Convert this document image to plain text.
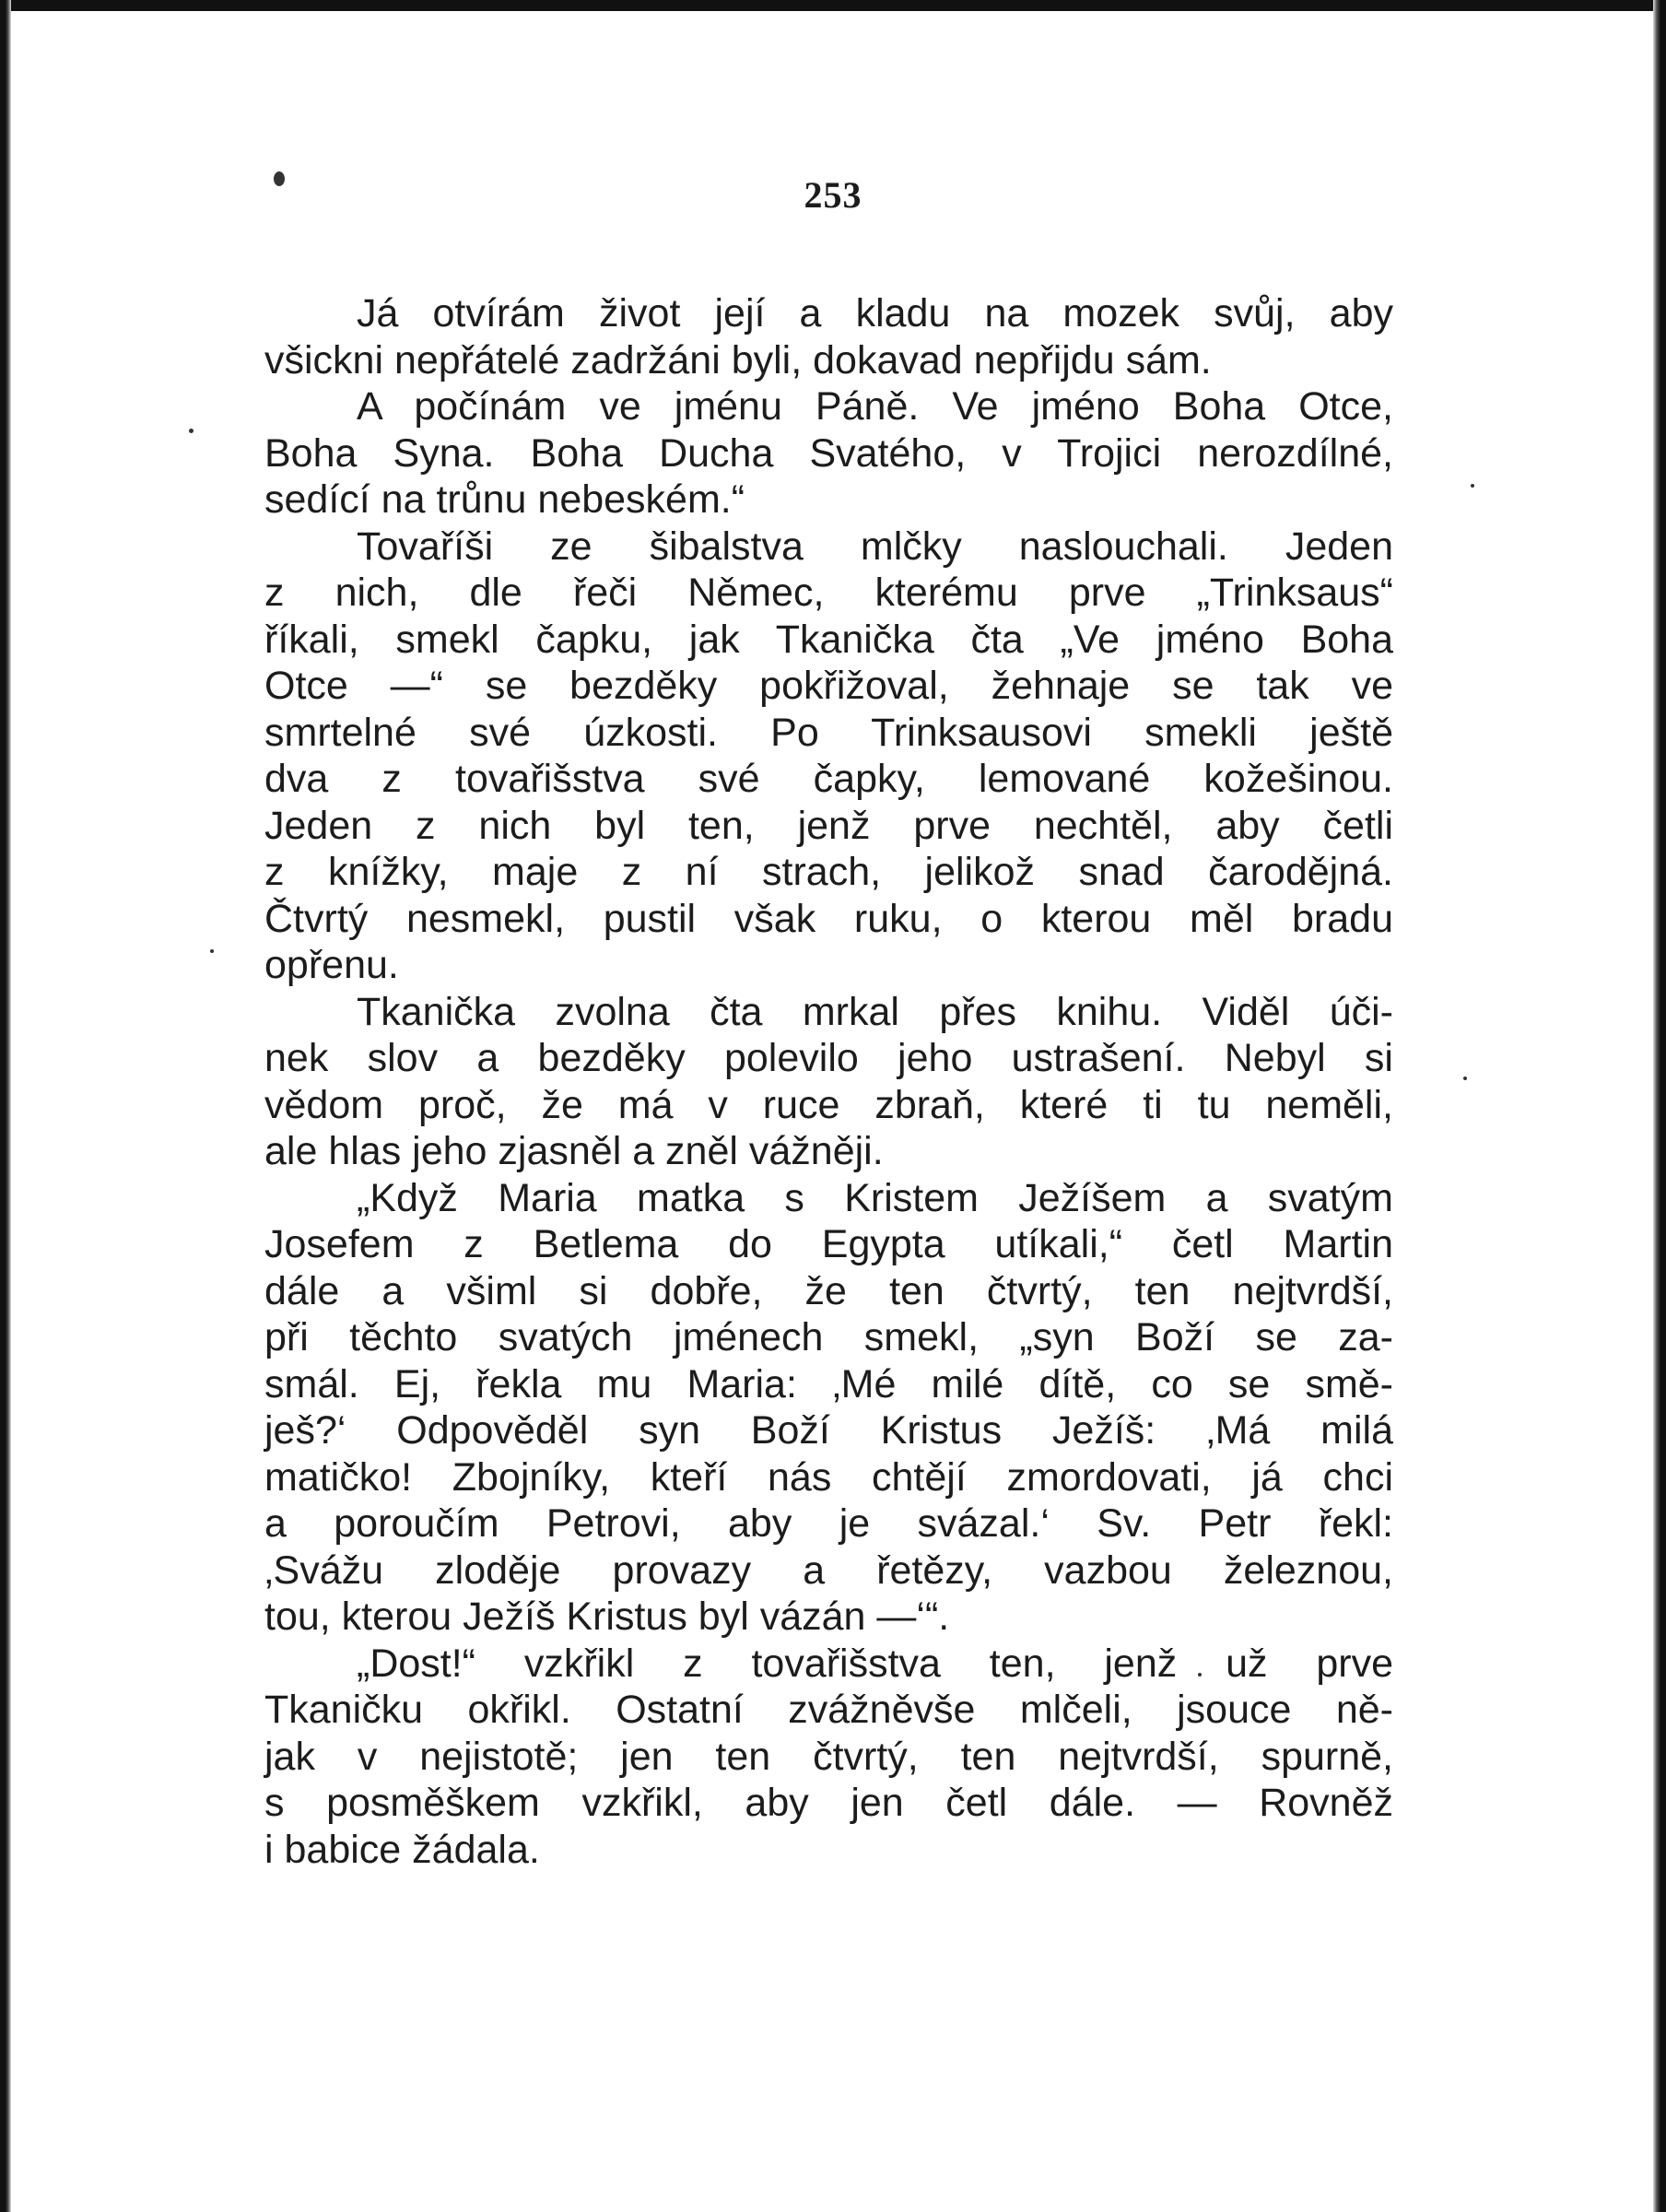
253
Já otvírám život její a kladu na mozek svůj, aby
všickni nepřátelé zadržáni byli, dokavad nepřijdu sám.
A počínám ve jménu Páně. Ve jméno Boha Otce,
Boha Syna. Boha Ducha Svatého, v Trojici nerozdílné,
sedící na trůnu nebeském.“
Tovaříši ze šibalstva mlčky naslouchali. Jeden
z nich, dle řeči Němec, kterému prve „Trinksaus“
říkali, smekl čapku, jak Tkanička čta „Ve jméno Boha
Otce —“ se bezděky pokřižoval, žehnaje se tak ve
smrtelné své úzkosti. Po Trinksausovi smekli ještě
dva z tovařišstva své čapky, lemované kožešinou.
Jeden z nich byl ten, jenž prve nechtěl, aby četli
z knížky, maje z ní strach, jelikož snad čarodějná.
Čtvrtý nesmekl, pustil však ruku, o kterou měl bradu
opřenu.
Tkanička zvolna čta mrkal přes knihu. Viděl úči-
nek slov a bezděky polevilo jeho ustrašení. Nebyl si
vědom proč, že má v ruce zbraň, které ti tu neměli,
ale hlas jeho zjasněl a zněl vážněji.
„Když Maria matka s Kristem Ježíšem a svatým
Josefem z Betlema do Egypta utíkali,“ četl Martin
dále a všiml si dobře, že ten čtvrtý, ten nejtvrdší,
při těchto svatých jménech smekl, „syn Boží se za-
smál. Ej, řekla mu Maria: ‚Mé milé dítě, co se smě-
ješ?‘ Odpověděl syn Boží Kristus Ježíš: ‚Má milá
matičko! Zbojníky, kteří nás chtějí zmordovati, já chci
a poroučím Petrovi, aby je svázal.‘ Sv. Petr řekl:
‚Svážu zloděje provazy a řetězy, vazbou železnou,
tou, kterou Ježíš Kristus byl vázán —‘“.
„Dost!“ vzkřikl z tovařišstva ten, jenž už prve
Tkaničku okřikl. Ostatní zvážněvše mlčeli, jsouce ně-
jak v nejistotě; jen ten čtvrtý, ten nejtvrdší, spurně,
s posměškem vzkřikl, aby jen četl dále. — Rovněž
i babice žádala.
